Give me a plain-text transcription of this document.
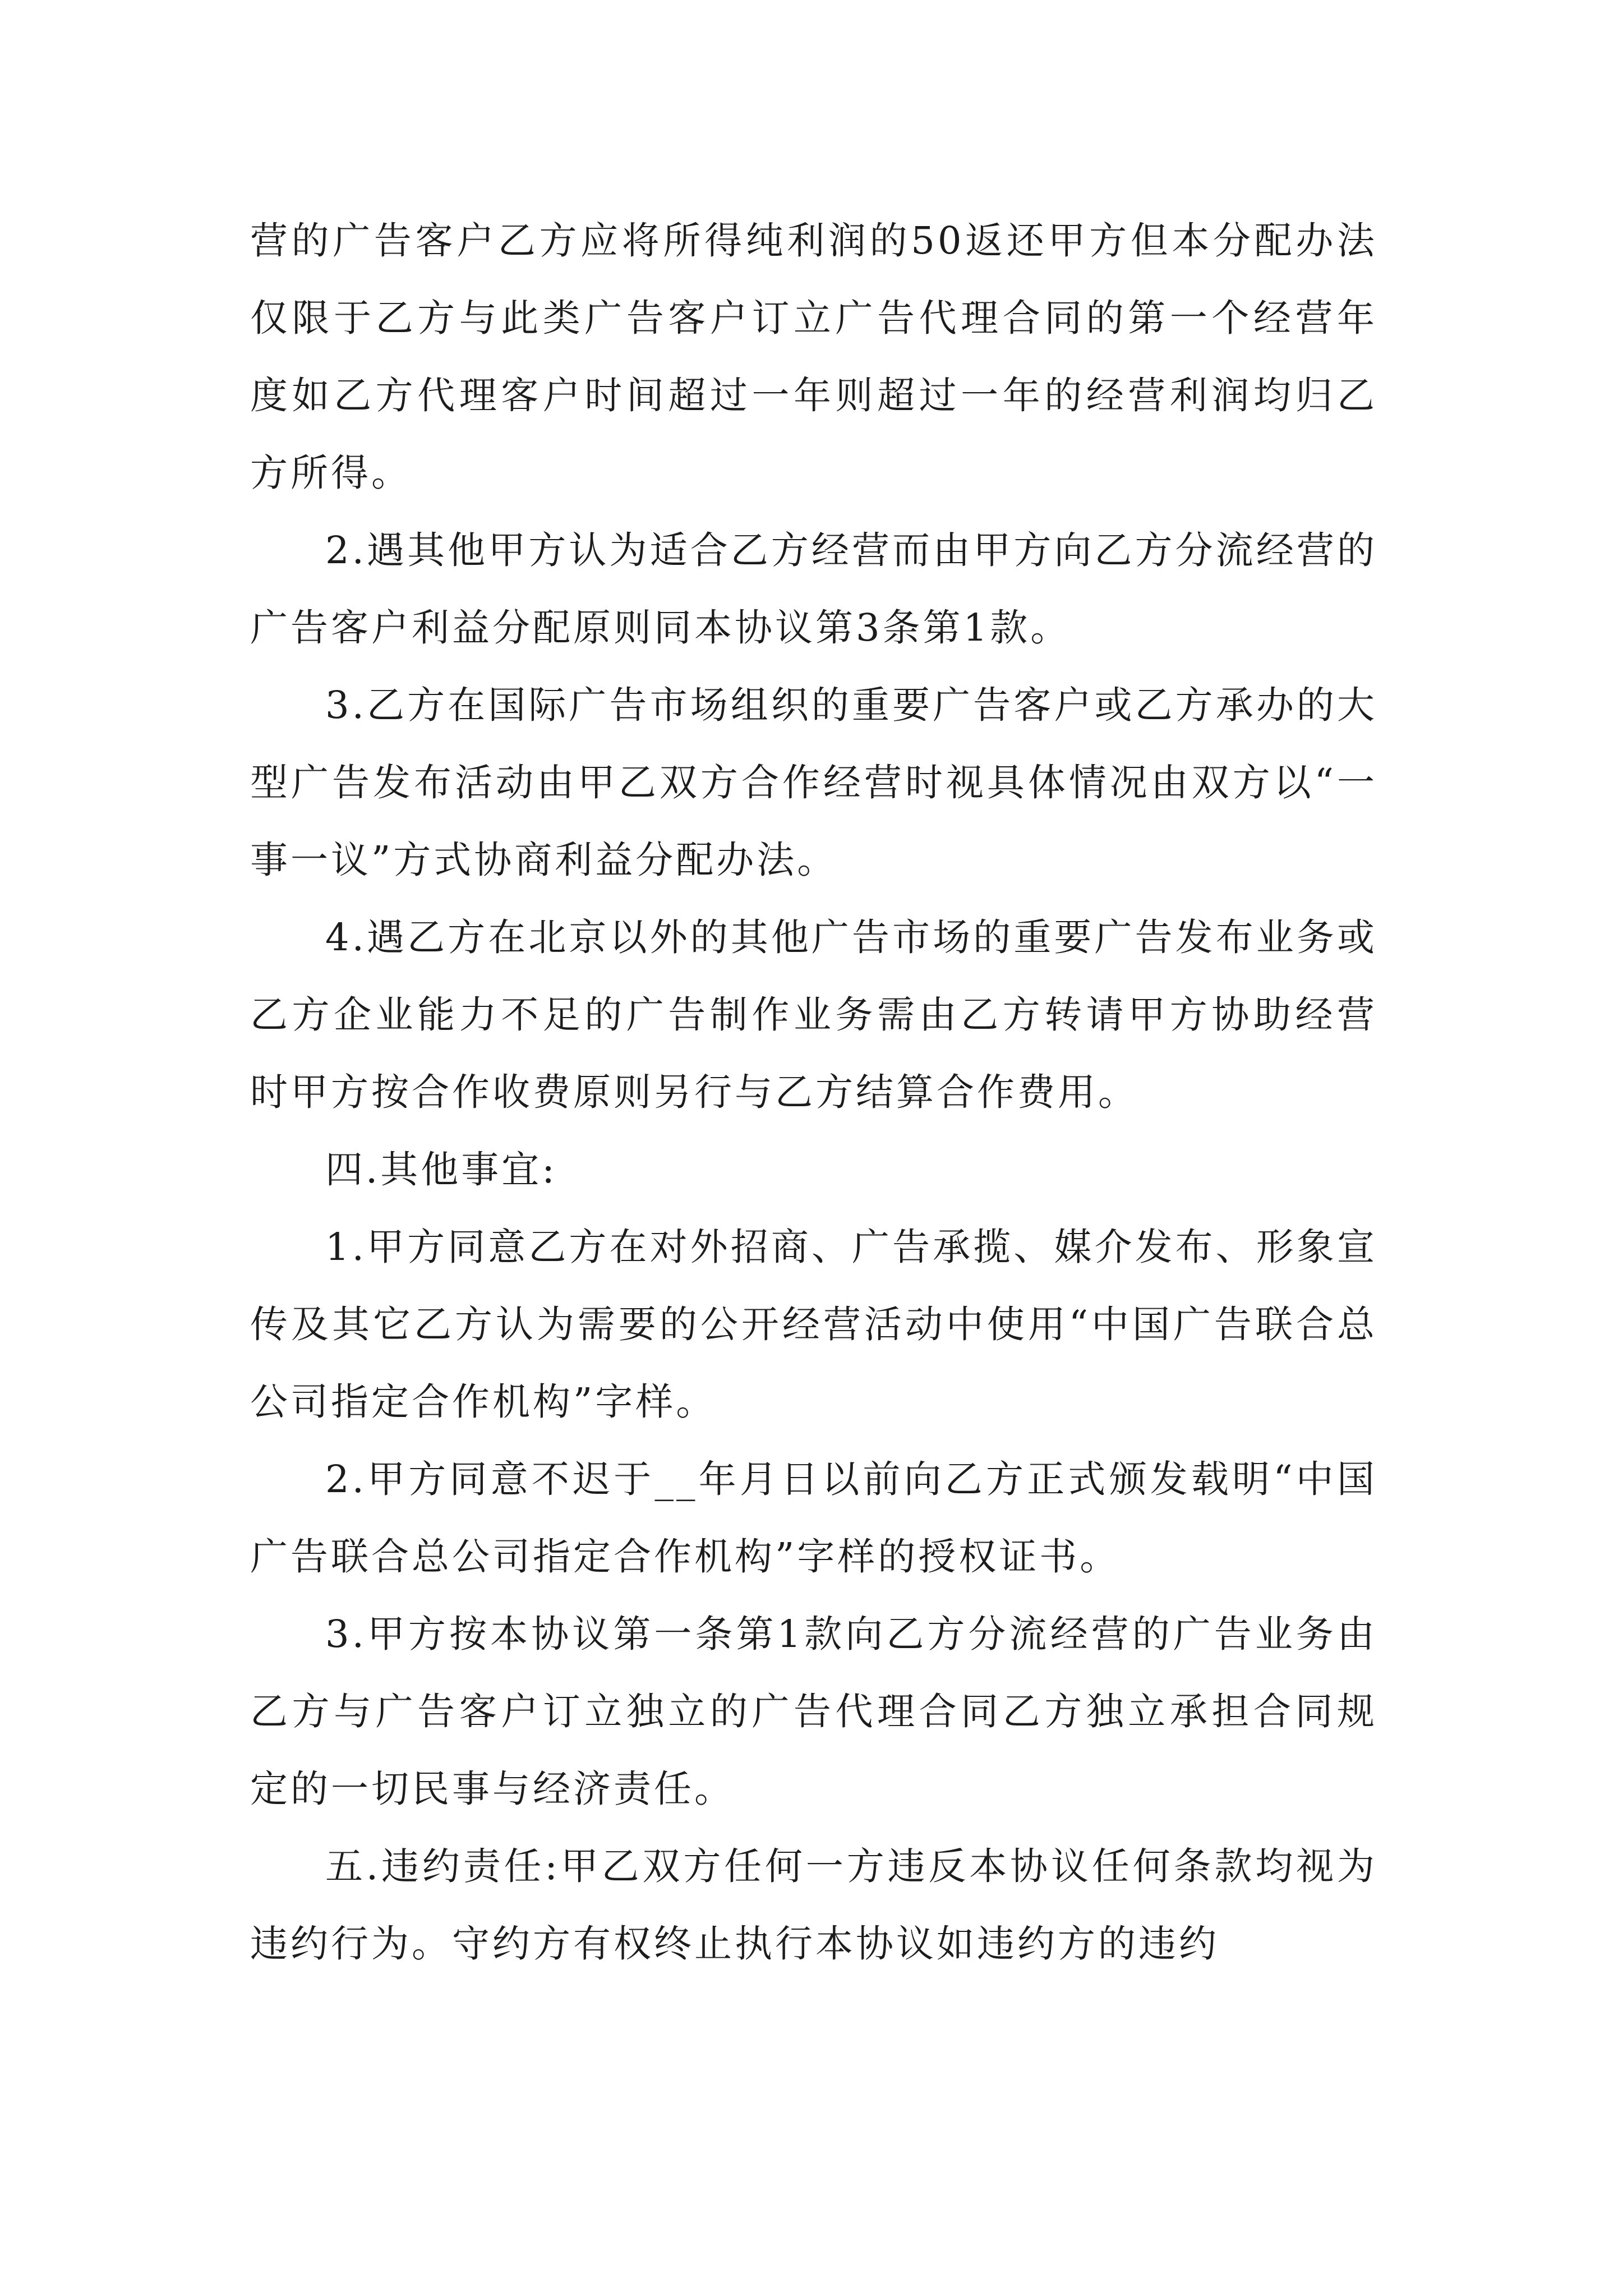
营的广告客户乙方应将所得纯利润的50返还甲方但本分配办法仅限于乙方与此类广告客户订立广告代理合同的第一个经营年度如乙方代理客户时间超过一年则超过一年的经营利润均归乙方所得。

2.遇其他甲方认为适合乙方经营而由甲方向乙方分流经营的广告客户利益分配原则同本协议第3条第1款。

3.乙方在国际广告市场组织的重要广告客户或乙方承办的大型广告发布活动由甲乙双方合作经营时视具体情况由双方以“一事一议”方式协商利益分配办法。

4.遇乙方在北京以外的其他广告市场的重要广告发布业务或乙方企业能力不足的广告制作业务需由乙方转请甲方协助经营时甲方按合作收费原则另行与乙方结算合作费用。

四.其他事宜:

1.甲方同意乙方在对外招商、广告承揽、媒介发布、形象宣传及其它乙方认为需要的公开经营活动中使用“中国广告联合总公司指定合作机构”字样。

2.甲方同意不迟于__年月日以前向乙方正式颁发载明“中国广告联合总公司指定合作机构”字样的授权证书。

3.甲方按本协议第一条第1款向乙方分流经营的广告业务由乙方与广告客户订立独立的广告代理合同乙方独立承担合同规定的一切民事与经济责任。

五.违约责任:甲乙双方任何一方违反本协议任何条款均视为违约行为。守约方有权终止执行本协议如违约方的违约
